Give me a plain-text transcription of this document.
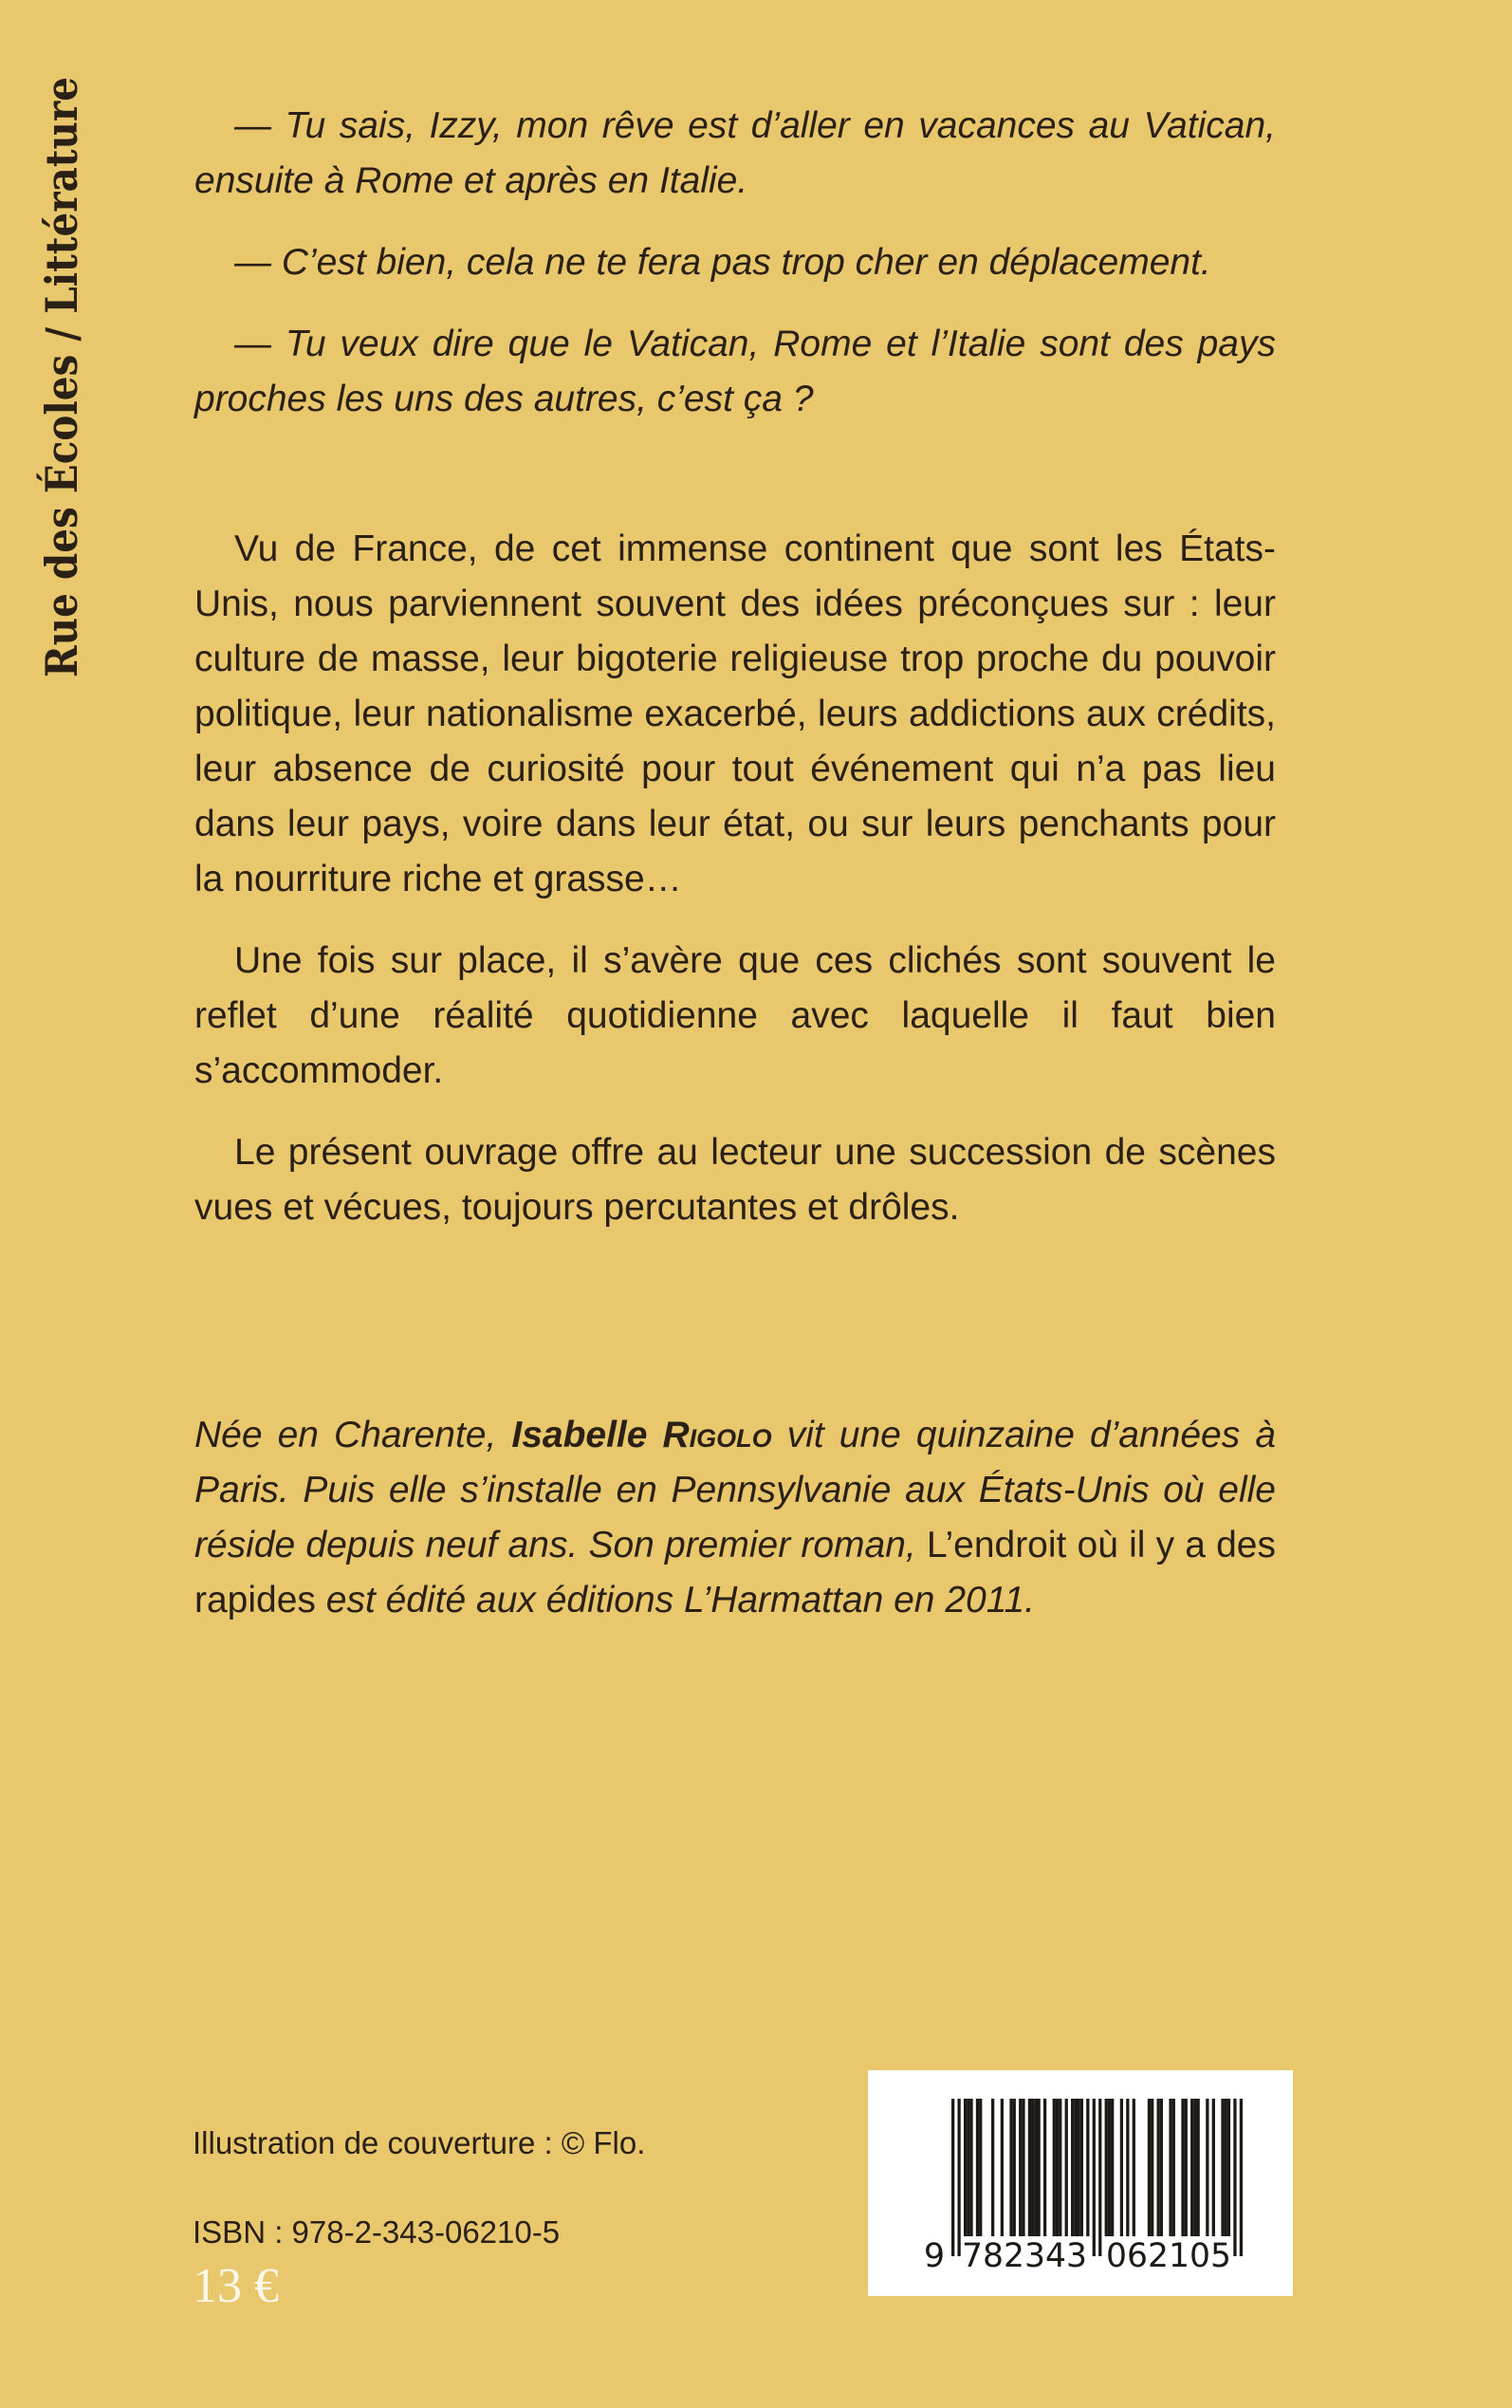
Rue des Écoles / Littérature	— Tu sais, Izzy, mon rêve est d’aller en vacances au Vatican, ensuite à Rome et après en Italie.

— C’est bien, cela ne te fera pas trop cher en déplacement.

— Tu veux dire que le Vatican, Rome et l’Italie sont des pays proches les uns des autres, c’est ça ?

Vu de France, de cet immense continent que sont les États-Unis, nous parviennent souvent des idées préconçues sur : leur culture de masse, leur bigoterie religieuse trop proche du pouvoir politique, leur nationalisme exacerbé, leurs addictions aux crédits, leur absence de curiosité pour tout événement qui n’a pas lieu dans leur pays, voire dans leur état, ou sur leurs penchants pour la nourriture riche et grasse…

Une fois sur place, il s’avère que ces clichés sont souvent le reflet d’une réalité quotidienne avec laquelle il faut bien s’accommoder.

Le présent ouvrage offre au lecteur une succession de scènes vues et vécues, toujours percutantes et drôles.

Née en Charente, Isabelle Rigolo vit une quinzaine d’années à Paris. Puis elle s’installe en Pennsylvanie aux États-Unis où elle réside depuis neuf ans. Son premier roman, L’endroit où il y a des rapides est édité aux éditions L’Harmattan en 2011.

Illustration de couverture : © Flo.
ISBN : 978-2-343-06210-5
13 €
9 782343 062105
